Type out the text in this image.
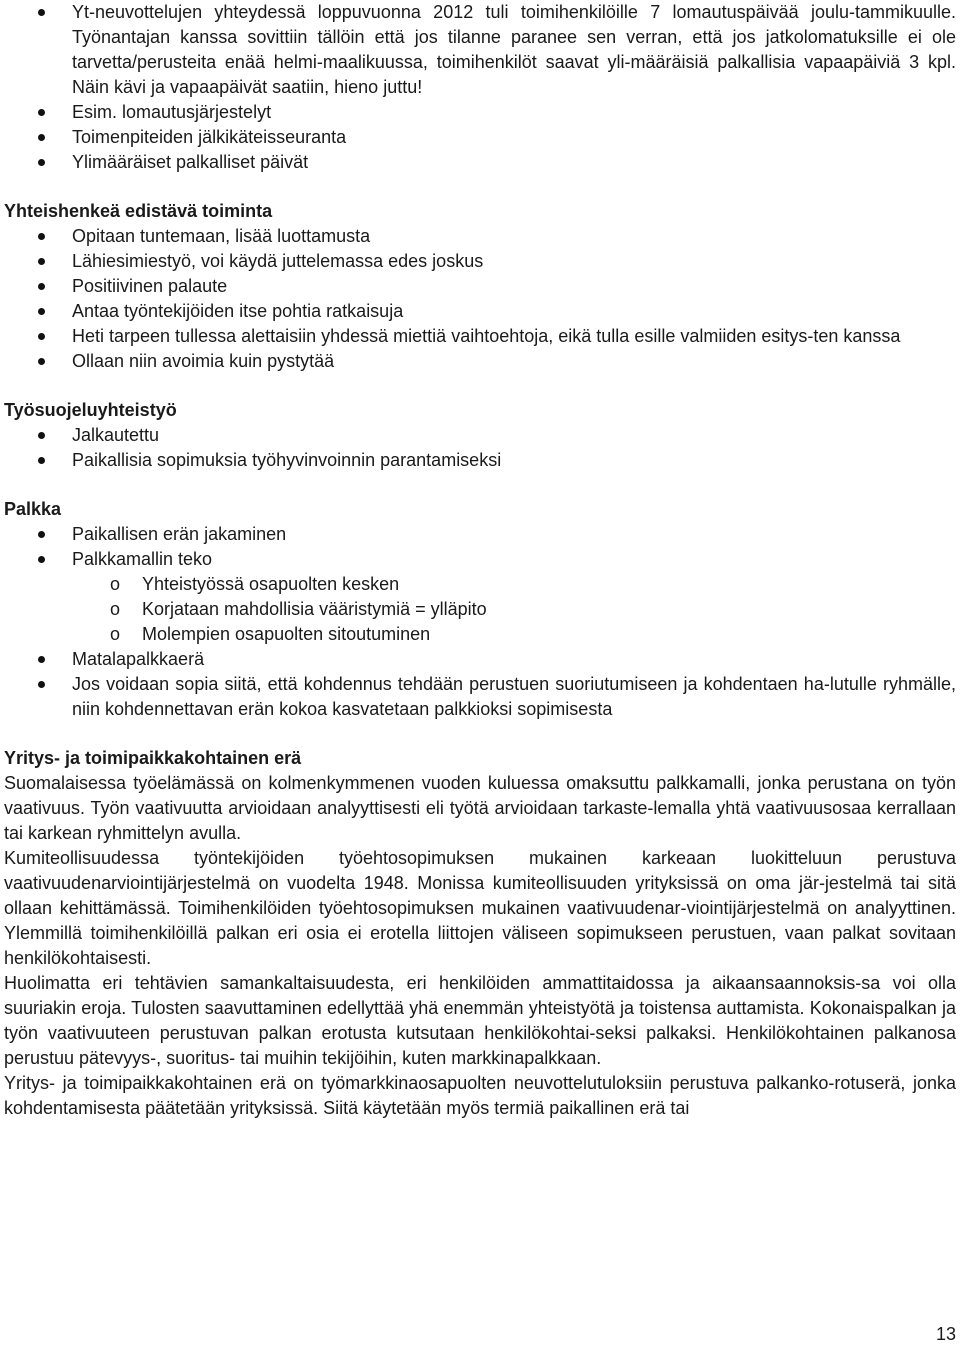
Yt-neuvottelujen yhteydessä loppuvuonna 2012 tuli toimihenkilöille 7 lomautuspäivää joulu-tammikuulle. Työnantajan kanssa sovittiin tällöin että jos tilanne paranee sen verran, että jos jatkolomatuksille ei ole tarvetta/perusteita enää helmi-maalikuussa, toimihenkilöt saavat yli-määräisiä palkallisia vapaapäiviä 3 kpl. Näin kävi ja vapaapäivät saatiin, hieno juttu!
Esim. lomautusjärjestelyt
Toimenpiteiden jälkikäteisseuranta
Ylimääräiset palkalliset päivät
Yhteishenkeä edistävä toiminta
Opitaan tuntemaan, lisää luottamusta
Lähiesimiestyö, voi käydä juttelemassa edes joskus
Positiivinen palaute
Antaa työntekijöiden itse pohtia ratkaisuja
Heti tarpeen tullessa alettaisiin yhdessä miettiä vaihtoehtoja, eikä tulla esille valmiiden esitys-ten kanssa
Ollaan niin avoimia kuin pystytää
Työsuojeluyhteistyö
Jalkautettu
Paikallisia sopimuksia työhyvinvoinnin parantamiseksi
Palkka
Paikallisen erän jakaminen
Palkkamallin teko
o Yhteistyössä osapuolten kesken
o Korjataan mahdollisia vääristymiä = ylläpito
o Molempien osapuolten sitoutuminen
Matalapalkkaerä
Jos voidaan sopia siitä, että kohdennus tehdään perustuen suoriutumiseen ja kohdentaen ha-lutulle ryhmälle, niin kohdennettavan erän kokoa kasvatetaan palkkioksi sopimisesta
Yritys- ja toimipaikkakohtainen erä

Suomalaisessa työelämässä on kolmenkymmenen vuoden kuluessa omaksuttu palkkamalli, jonka perustana on työn vaativuus. Työn vaativuutta arvioidaan analyyttisesti eli työtä arvioidaan tarkaste-lemalla yhtä vaativuusosaa kerrallaan tai karkean ryhmittelyn avulla.

Kumiteollisuudessa työntekijöiden työehtosopimuksen mukainen karkeaan luokitteluun perustuva vaativuudenarviointijärjestelmä on vuodelta 1948. Monissa kumiteollisuuden yrityksissä on oma jär-jestelmä tai sitä ollaan kehittämässä. Toimihenkilöiden työehtosopimuksen mukainen vaativuudenar-viointijärjestelmä on analyyttinen. Ylemmillä toimihenkilöillä palkan eri osia ei erotella liittojen väliseen sopimukseen perustuen, vaan palkat sovitaan henkilökohtaisesti.

Huolimatta eri tehtävien samankaltaisuudesta, eri henkilöiden ammattitaidossa ja aikaansaannoksis-sa voi olla suuriakin eroja. Tulosten saavuttaminen edellyttää yhä enemmän yhteistyötä ja toistensa auttamista. Kokonaispalkan ja työn vaativuuteen perustuvan palkan erotusta kutsutaan henkilökohtai-seksi palkaksi. Henkilökohtainen palkanosa perustuu pätevyys-, suoritus- tai muihin tekijöihin, kuten markkinapalkkaan.

Yritys- ja toimipaikkakohtainen erä on työmarkkinaosapuolten neuvottelutuloksiin perustuva palkanko-rotuserä, jonka kohdentamisesta päätetään yrityksissä. Siitä käytetään myös termiä paikallinen erä tai

13
